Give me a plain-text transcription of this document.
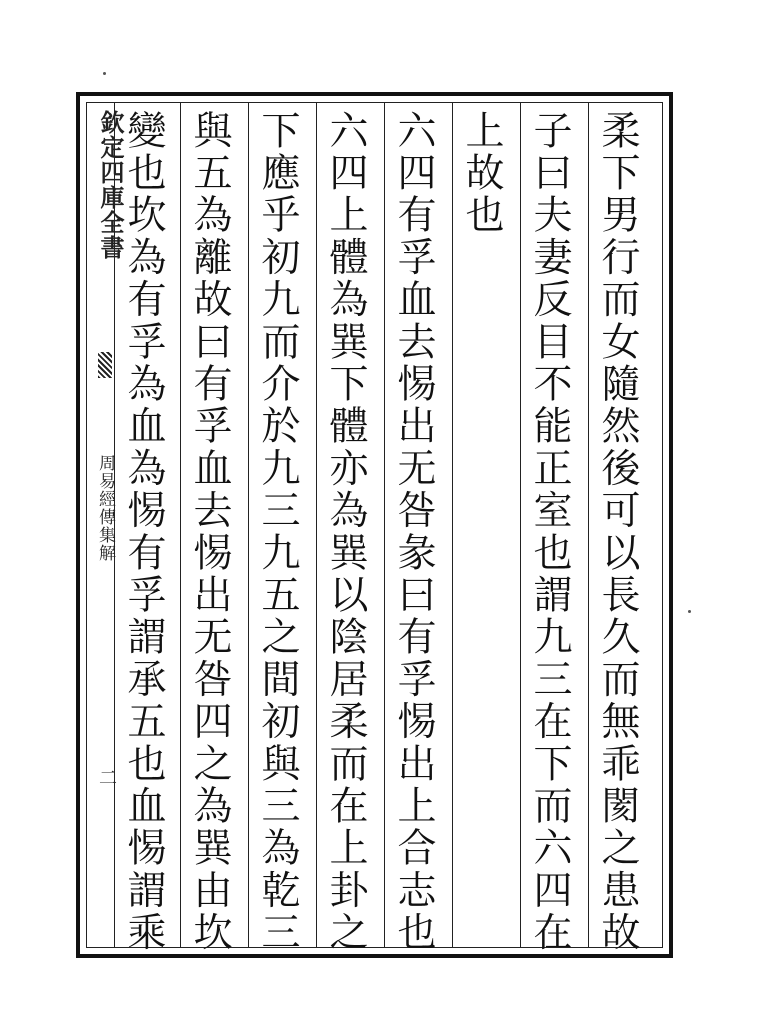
欽定四庫全書
周易經傳集解
二	柔下男行而女隨然後可以長久而無乖閡之患故
子曰夫妻反目不能正室也謂九三在下而六四在
上故也
六四有孚血去惕出无咎彖曰有孚惕出上合志也
六四上體為巽下體亦為巽以陰居柔而在上卦之
下應乎初九而介於九三九五之間初與三為乾三
與五為離故曰有孚血去惕出无咎四之為巽由坎
變也坎為有孚為血為惕有孚謂承五也血惕謂乘
